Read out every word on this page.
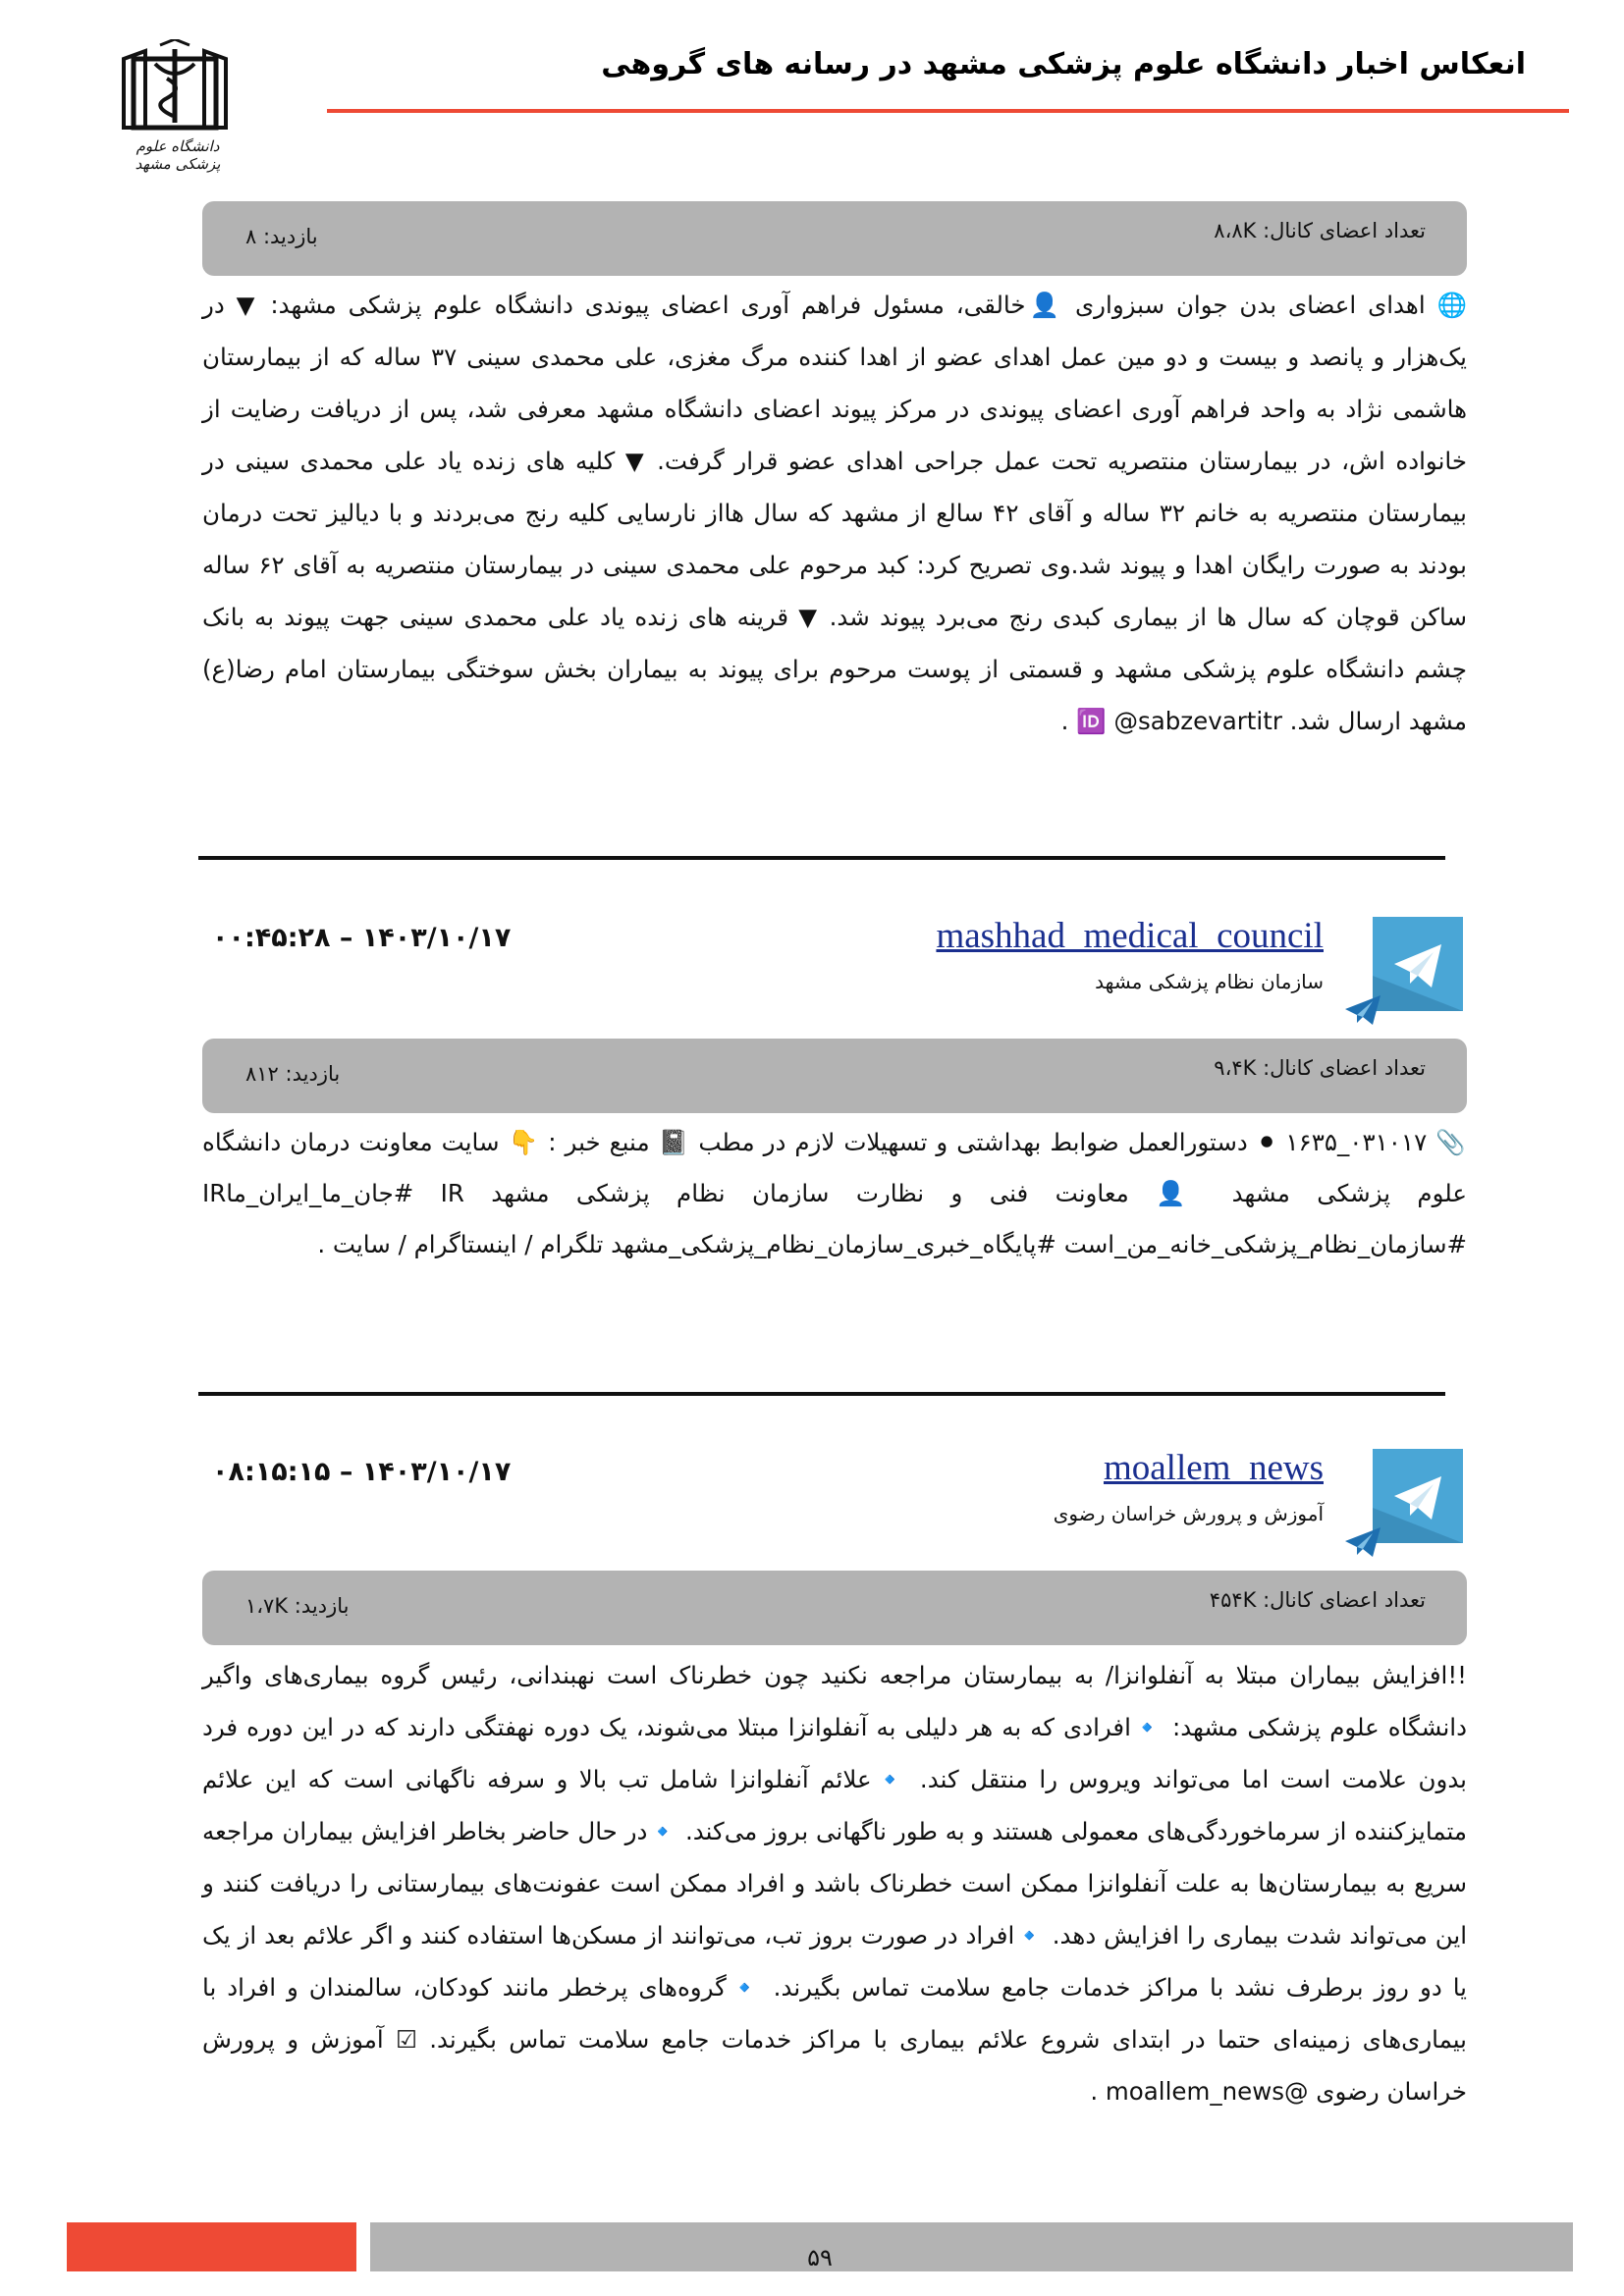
دانشگاه علوم پزشکی مشهد
انعکاس اخبار دانشگاه علوم پزشکی مشهد در رسانه های گروهی
تعداد اعضای کانال: ۸،۸K
بازدید: ۸
🌐 اهدای اعضای بدن جوان سبزواری 👤خالقی، مسئول فراهم آوری اعضای پیوندی دانشگاه علوم پزشکی مشهد: ▼ در یک‌هزار و پانصد و بیست و دو مین عمل اهدای عضو از اهدا کننده مرگ مغزی، علی محمدی سینی ۳۷ ساله که از بیمارستان هاشمی نژاد به واحد فراهم آوری اعضای پیوندی در مرکز پیوند اعضای دانشگاه مشهد معرفی شد، پس از دریافت رضایت از خانواده اش، در بیمارستان منتصریه تحت عمل جراحی اهدای عضو قرار گرفت. ▼ کلیه های زنده یاد علی محمدی سینی در بیمارستان منتصریه به خانم ۳۲ ساله و آقای ۴۲ سالع از مشهد که سال هااز نارسایی کلیه رنج می‌بردند و با دیالیز تحت درمان بودند به صورت رایگان اهدا و پیوند شد.وی تصریح کرد: کبد مرحوم علی محمدی سینی در بیمارستان منتصریه به آقای ۶۲ ساله ساکن قوچان که سال ها از بیماری کبدی رنج می‌برد پیوند شد. ▼ قرینه های زنده یاد علی محمدی سینی جهت پیوند به بانک چشم دانشگاه علوم پزشکی مشهد و قسمتی از پوست مرحوم برای پیوند به بیماران بخش سوختگی بیمارستان امام رضا(ع) مشهد ارسال شد. 🆔 @sabzevartitr .
mashhad_medical_council
سازمان نظام پزشکی مشهد
۱۴۰۳/۱۰/۱۷ – ۰۰:۴۵:۲۸
تعداد اعضای کانال: ۹،۴K
بازدید: ۸۱۲
📎 ۰۳۱۰۱۷_۱۶۳۵ ⚫ دستورالعمل ضوابط بهداشتی و تسهیلات لازم در مطب 📓 منبع خبر : 👇 سایت معاونت درمان دانشگاه علوم پزشکی مشهد 👤 معاونت فنی و نظارت سازمان نظام پزشکی مشهد IR #جان_ما_ایران_ماIR #سازمان_نظام_پزشکی_خانه_من_است #پایگاه_خبری_سازمان_نظام_پزشکی_مشهد تلگرام / اینستاگرام / سایت .
moallem_news
آموزش و پرورش خراسان رضوی
۱۴۰۳/۱۰/۱۷ – ۰۸:۱۵:۱۵
تعداد اعضای کانال: ۴۵۴K
بازدید: ۱،۷K
!!افزایش بیماران مبتلا به آنفلوانزا/ به بیمارستان مراجعه نکنید چون خطرناک است نهبندانی، رئیس گروه بیماری‌های واگیر دانشگاه علوم پزشکی مشهد: 🔹افرادی که به هر دلیلی به آنفلوانزا مبتلا می‌شوند، یک دوره نهفتگی دارند که در این دوره فرد بدون علامت است اما می‌تواند ویروس را منتقل کند. 🔹علائم آنفلوانزا شامل تب بالا و سرفه ناگهانی است که این علائم متمایزکننده از سرماخوردگی‌های معمولی هستند و به طور ناگهانی بروز می‌کند. 🔹در حال حاضر بخاطر افزایش بیماران مراجعه سریع به بیمارستان‌ها به علت آنفلوانزا ممکن است خطرناک باشد و افراد ممکن است عفونت‌های بیمارستانی را دریافت کنند و این می‌تواند شدت بیماری را افزایش دهد. 🔹افراد در صورت بروز تب، می‌توانند از مسکن‌ها استفاده کنند و اگر علائم بعد از یک یا دو روز برطرف نشد با مراکز خدمات جامع سلامت تماس بگیرند. 🔹گروه‌های پرخطر مانند کودکان، سالمندان و افراد با بیماری‌های زمینه‌ای حتما در ابتدای شروع علائم بیماری با مراکز خدمات جامع سلامت تماس بگیرند. ☑ آموزش و پرورش خراسان رضوی @moallem_news .
۵۹
